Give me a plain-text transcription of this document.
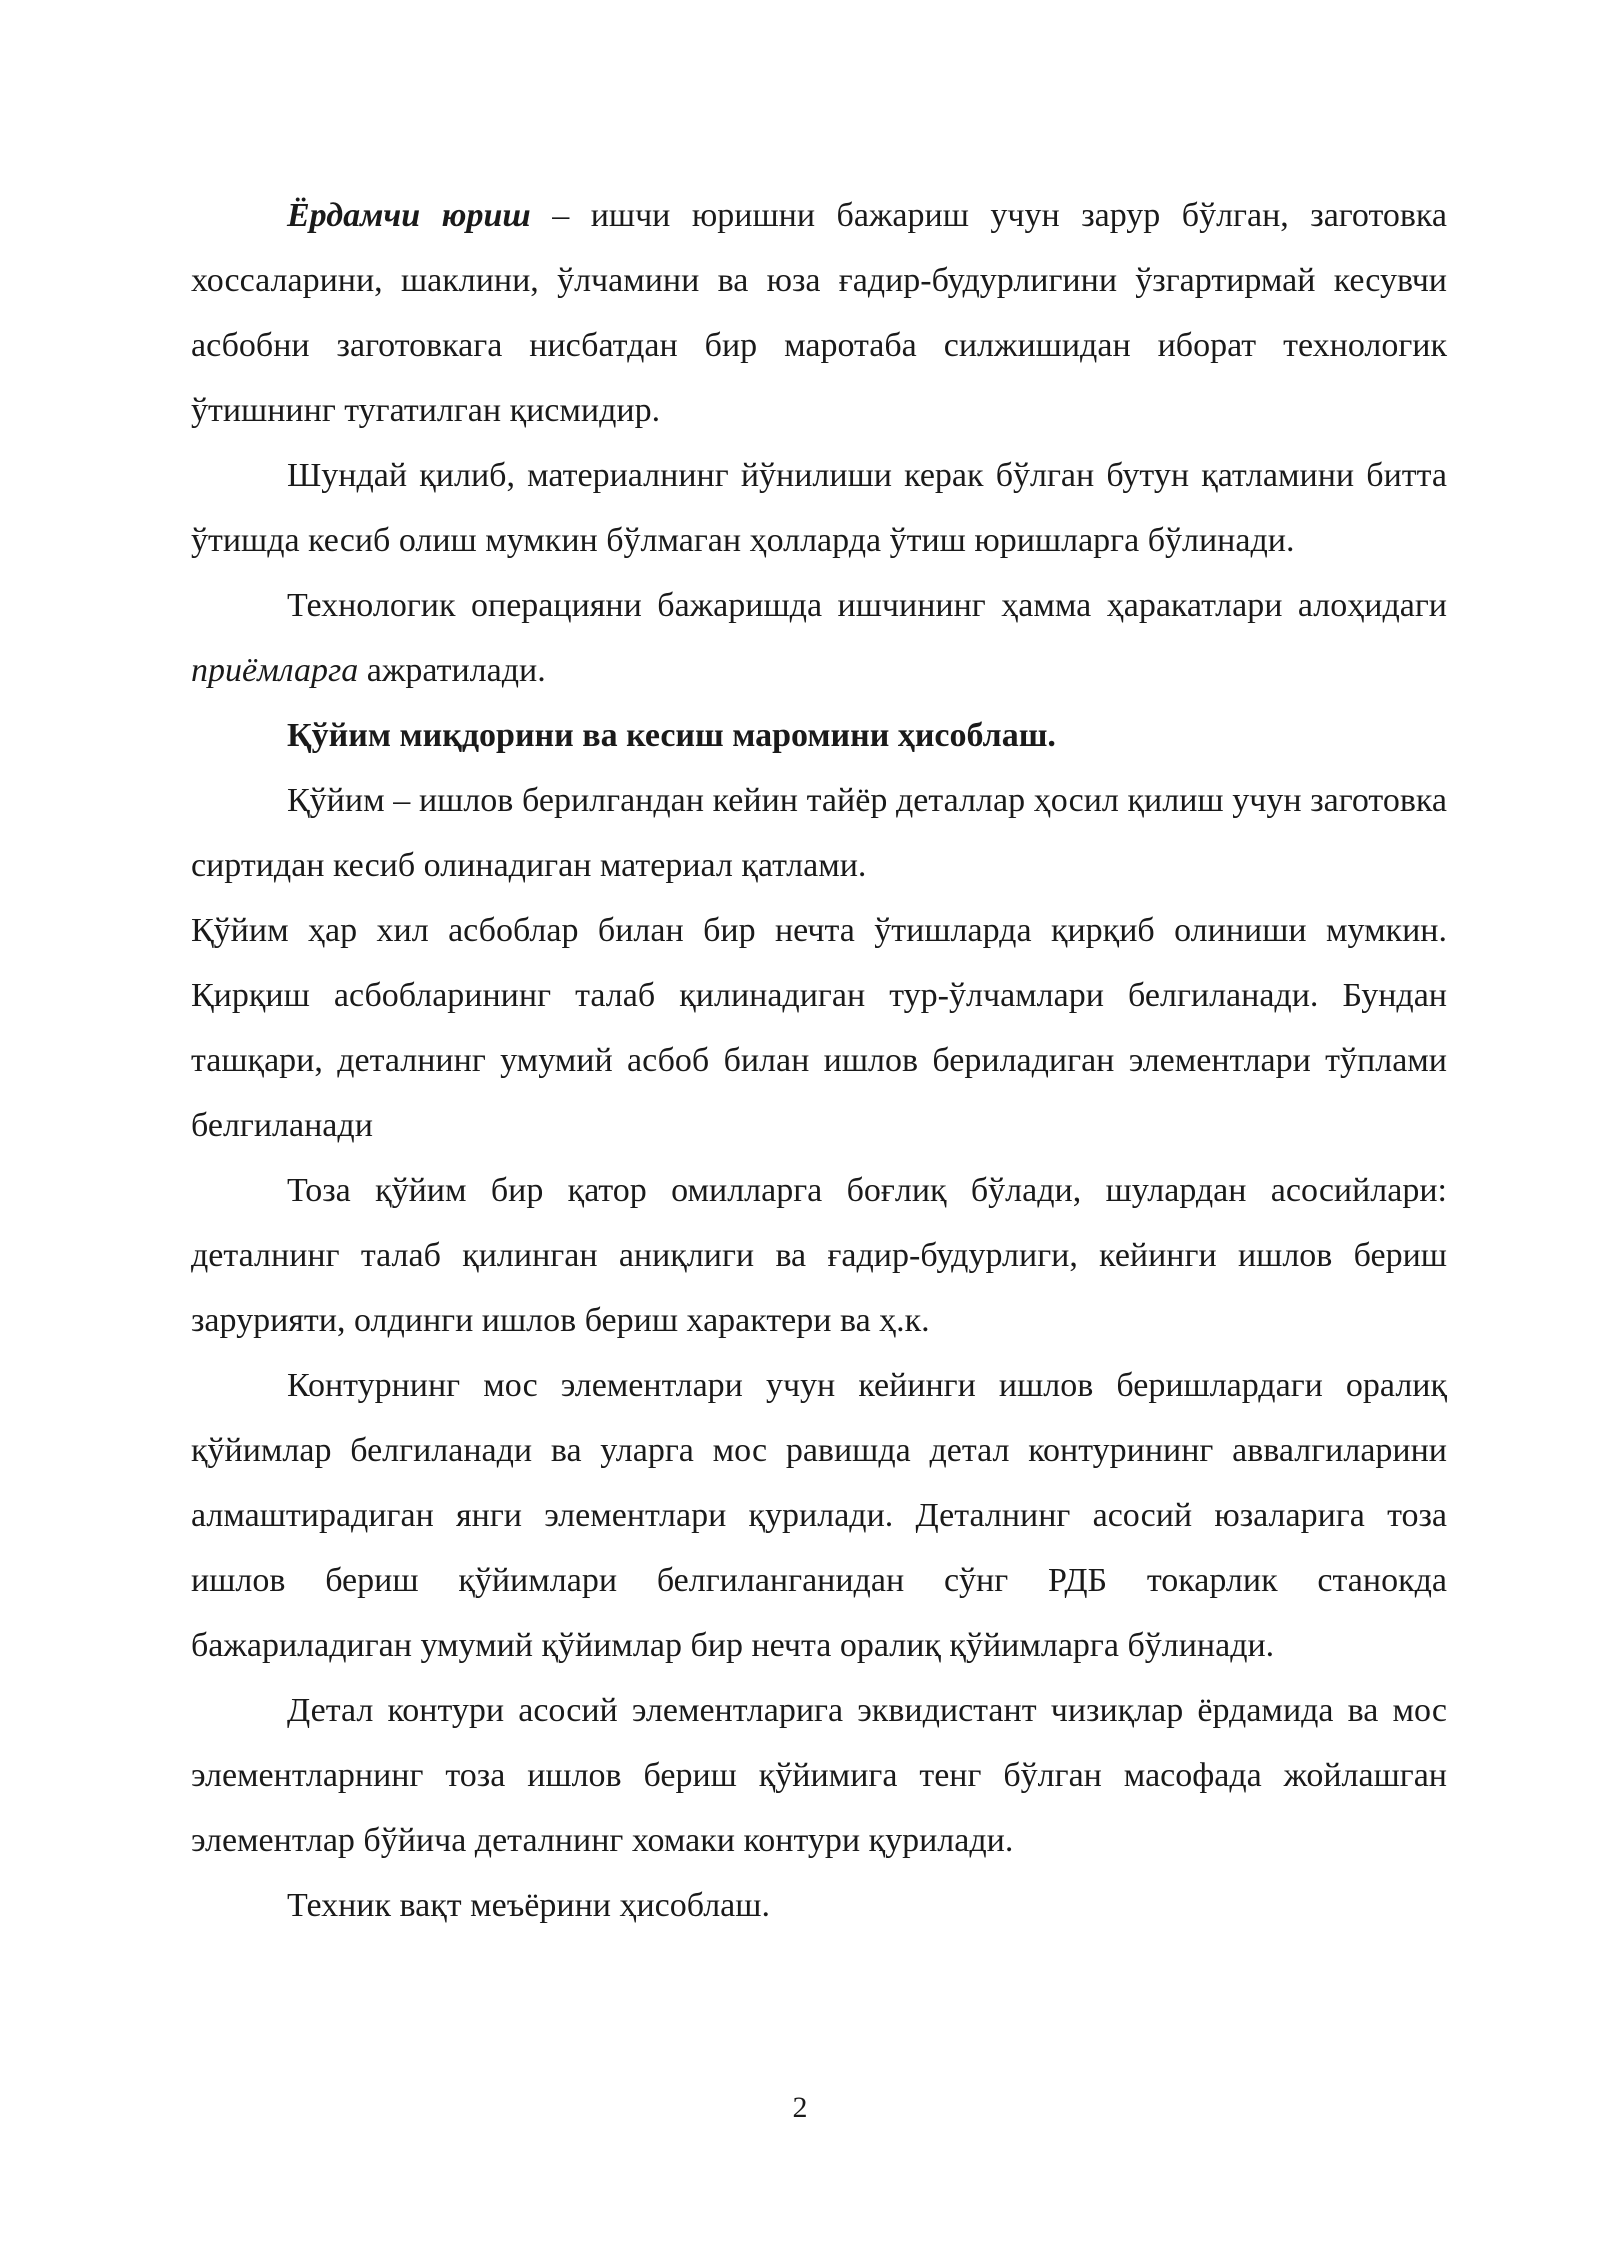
Ёрдамчи юриш – ишчи юришни бажариш учун зарур бўлган, заготовка хоссаларини, шаклини, ўлчамини ва юза ғадир-будурлигини ўзгартирмай кесувчи асбобни заготовкага нисбатдан бир маротаба силжишидан иборат технологик ўтишнинг тугатилган қисмидир.

Шундай қилиб, материалнинг йўнилиши керак бўлган бутун қатламини битта ўтишда кесиб олиш мумкин бўлмаган ҳолларда ўтиш юришларга бўлинади.

Технологик операцияни бажаришда ишчининг ҳамма ҳаракатлари алоҳидаги приёмларга ажратилади.

Қўйим миқдорини ва кесиш маромини ҳисоблаш.

Қўйим – ишлов берилгандан кейин тайёр деталлар ҳосил қилиш учун заготовка сиртидан кесиб олинадиган материал қатлами.

Қўйим ҳар хил асбоблар билан бир нечта ўтишларда қирқиб олиниши мумкин. Қирқиш асбобларининг талаб қилинадиган тур-ўлчамлари белгиланади. Бундан ташқари, деталнинг умумий асбоб билан ишлов бериладиган элементлари тўплами белгиланади

Тоза қўйим бир қатор омилларга боғлиқ бўлади, шулардан асосийлари: деталнинг талаб қилинган аниқлиги ва ғадир-будурлиги, кейинги ишлов бериш зарурияти, олдинги ишлов бериш характери ва ҳ.к.

Контурнинг мос элементлари учун кейинги ишлов беришлардаги оралиқ қўйимлар белгиланади ва уларга мос равишда детал контурининг аввалгиларини алмаштирадиган янги элементлари қурилади. Деталнинг асосий юзаларига тоза ишлов бериш қўйимлари белгиланганидан сўнг РДБ токарлик станокда бажариладиган умумий қўйимлар бир нечта оралиқ қўйимларга бўлинади.

Детал контури асосий элементларига эквидистант чизиқлар ёрдамида ва мос элементларнинг тоза ишлов бериш қўйимига тенг бўлган масофада жойлашган элементлар бўйича деталнинг хомаки контури қурилади.

Техник вақт меъёрини ҳисоблаш.

2
